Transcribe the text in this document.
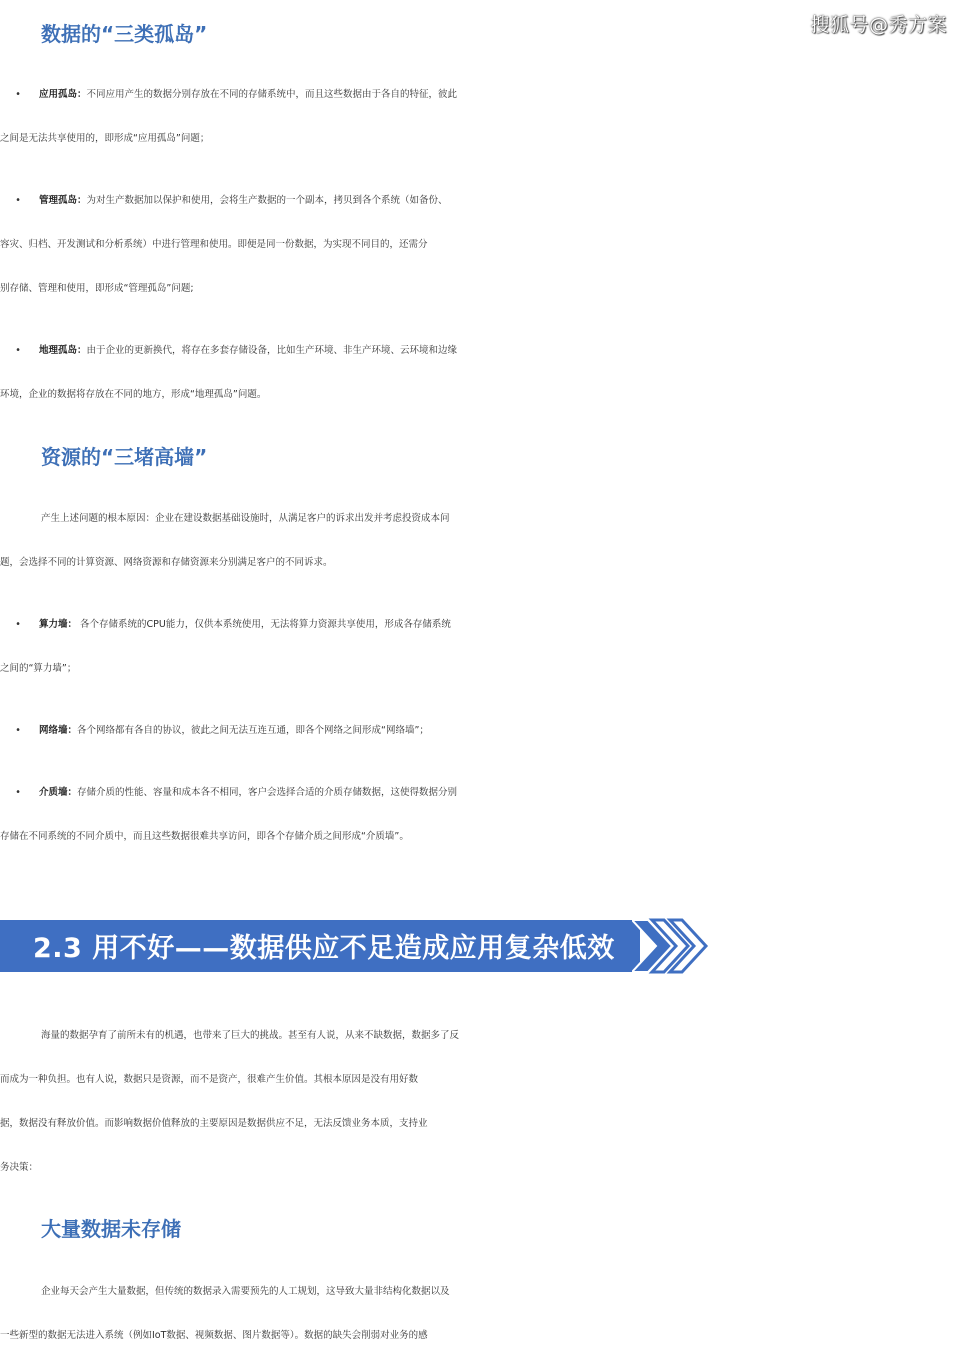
搜狐号@秀方案
数据的“三类孤岛”
• 应用孤岛：不同应用产生的数据分别存放在不同的存储系统中，而且这些数据由于各自的特征，彼此
之间是无法共享使用的，即形成“应用孤岛”问题；
• 管理孤岛：为对生产数据加以保护和使用，会将生产数据的一个副本，拷贝到各个系统（如备份、
容灾、归档、开发测试和分析系统）中进行管理和使用。即便是同一份数据，为实现不同目的，还需分
别存储、管理和使用，即形成“管理孤岛”问题;
• 地理孤岛：由于企业的更新换代，将存在多套存储设备，比如生产环境、非生产环境、云环境和边缘
环境，企业的数据将存放在不同的地方，形成“地理孤岛”问题。
资源的“三堵高墙”
产生上述问题的根本原因：企业在建设数据基础设施时，从满足客户的诉求出发并考虑投资成本问
题，会选择不同的计算资源、网络资源和存储资源来分别满足客户的不同诉求。
• 算力墙： 各个存储系统的CPU能力，仅供本系统使用，无法将算力资源共享使用，形成各存储系统
之间的“算力墙”；
• 网络墙：各个网络都有各自的协议，彼此之间无法互连互通，即各个网络之间形成“网络墙”；
• 介质墙：存储介质的性能、容量和成本各不相同，客户会选择合适的介质存储数据，这使得数据分别
存储在不同系统的不同介质中，而且这些数据很难共享访问，即各个存储介质之间形成“介质墙”。
2.3 用不好——数据供应不足造成应用复杂低效
海量的数据孕育了前所未有的机遇，也带来了巨大的挑战。甚至有人说，从来不缺数据，数据多了反
而成为一种负担。也有人说，数据只是资源，而不是资产，很难产生价值。其根本原因是没有用好数
据，数据没有释放价值。而影响数据价值释放的主要原因是数据供应不足，无法反馈业务本质，支持业
务决策：
大量数据未存储
企业每天会产生大量数据，但传统的数据录入需要预先的人工规划，这导致大量非结构化数据以及
一些新型的数据无法进入系统（例如IoT数据、视频数据、图片数据等）。数据的缺失会削弱对业务的感
